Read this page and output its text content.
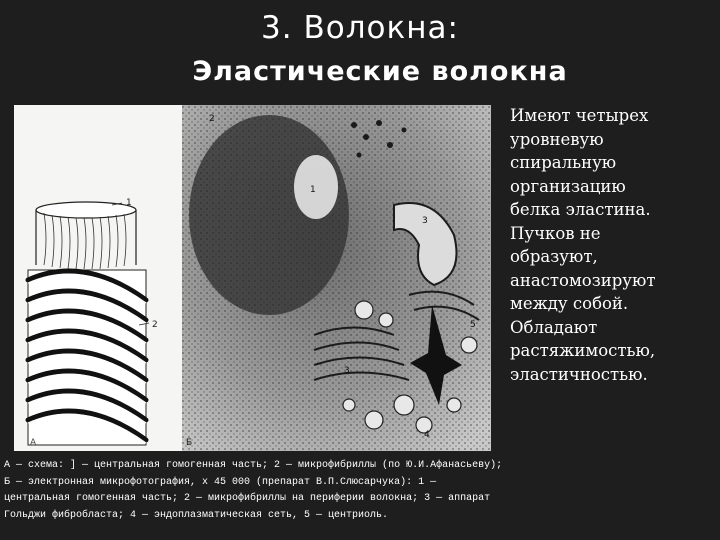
3. Волокна:
Эластические волокна
1
2
А
2
1
3
3
4
5
Б
Имеют четырех
уровневую
спиральную
организацию
белка эластина.
Пучков не
образуют,
анастомозируют
между собой.
Обладают
растяжимостью,
эластичностью.
А — схема: ] — центральная гомогенная часть; 2 — микрофибриллы (по Ю.И.Афанасьеву);
Б — электронная микрофотография, х 45 000 (препарат В.П.Слюсарчука): 1 —
центральная гомогенная часть; 2 — микрофибриллы на периферии волокна; 3 — аппарат
Гольджи фибробласта; 4 — эндоплазматическая сеть, 5 — центриоль.
